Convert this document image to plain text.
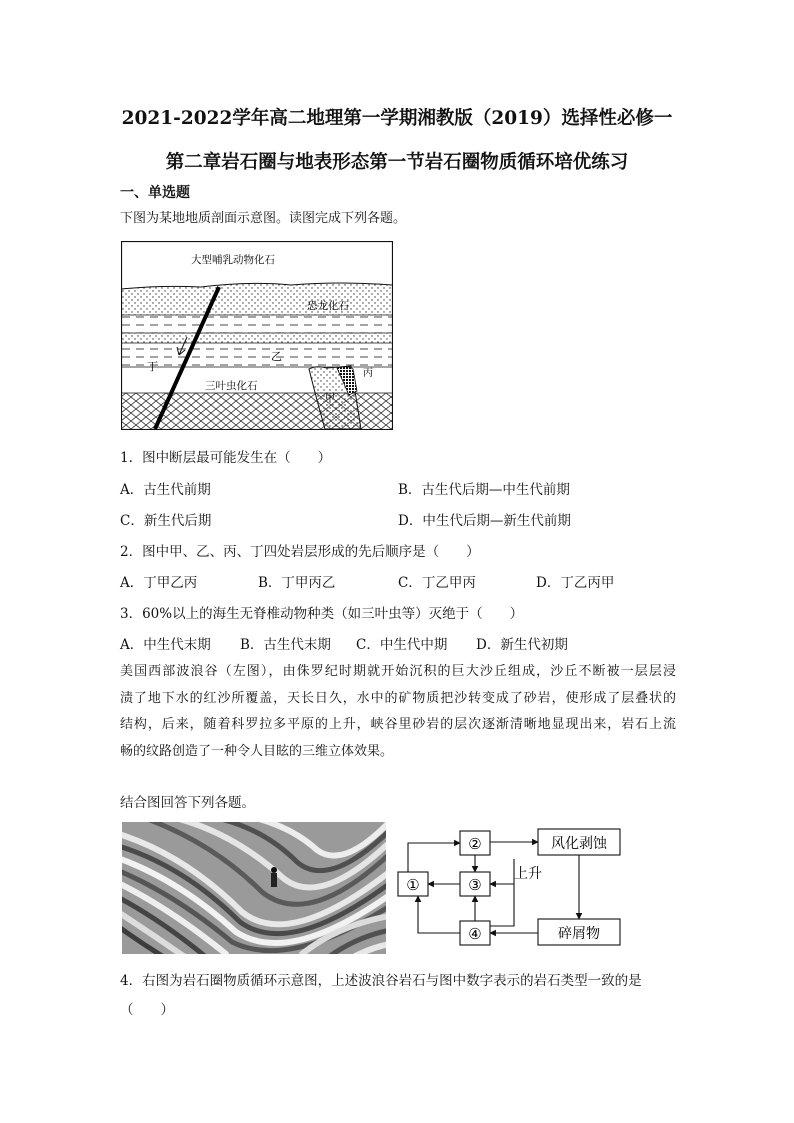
2021-2022学年高二地理第一学期湘教版（2019）选择性必修一
第二章岩石圈与地表形态第一节岩石圈物质循环培优练习
一、单选题
下图为某地地质剖面示意图。读图完成下列各题。
大型哺乳动物化石
恐龙化石
乙
丁
丙
甲
三叶虫化石
1．图中断层最可能发生在（　　）
A．古生代前期	B．古生代后期—中生代前期
C．新生代后期	D．中生代后期—新生代前期
2．图中甲、乙、丙、丁四处岩层形成的先后顺序是（　　）
A．丁甲乙丙	B．丁甲丙乙	C．丁乙甲丙	D．丁乙丙甲
3．60%以上的海生无脊椎动物种类（如三叶虫等）灭绝于（　　）
A．中生代末期 B．古生代末期 C．中生代中期 D．新生代初期
美国西部波浪谷（左图），由侏罗纪时期就开始沉积的巨大沙丘组成，沙丘不断被一层层浸
渍了地下水的红沙所覆盖，天长日久，水中的矿物质把沙转变成了砂岩，使形成了层叠状的
结构，后来，随着科罗拉多平原的上升，峡谷里砂岩的层次逐渐清晰地显现出来，岩石上流
畅的纹路创造了一种令人目眩的三维立体效果。
结合图回答下列各题。
①
②
③
④
风化剥蚀
碎屑物
上升
4．右图为岩石圈物质循环示意图，上述波浪谷岩石与图中数字表示的岩石类型一致的是
（　　）
